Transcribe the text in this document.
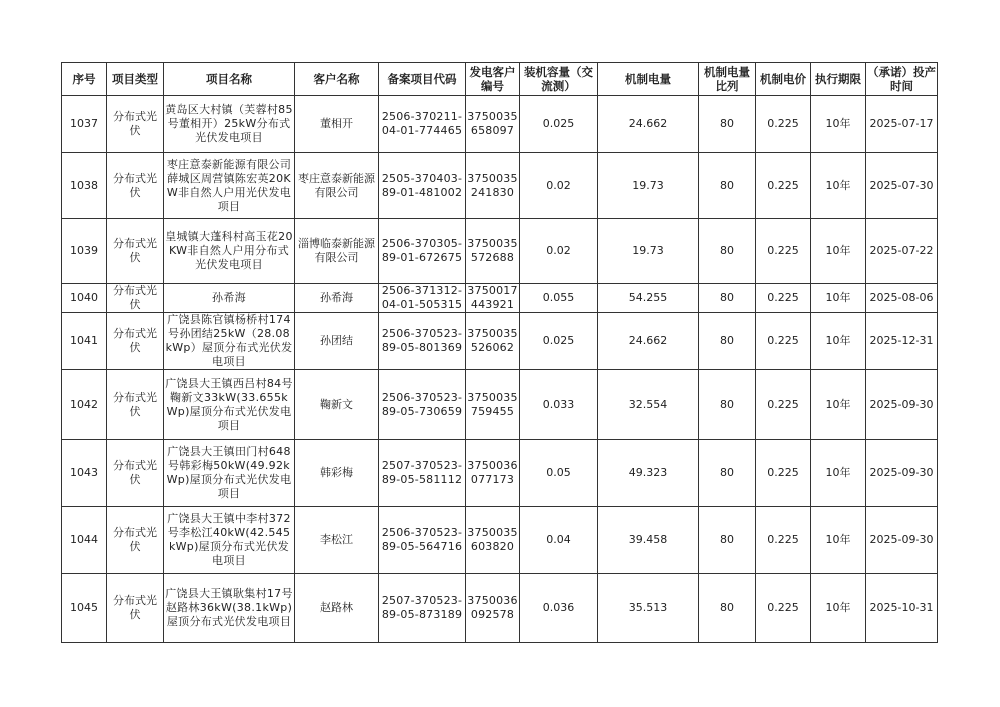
序号	项目类型	项目名称	客户名称	备案项目代码	发电客户编号	装机容量（交流测）	机制电量	机制电量比列	机制电价	执行期限	（承诺）投产时间
1037	分布式光伏	黄岛区大村镇（芙蓉村85号董相开）25kW分布式光伏发电项目	董相开	2506-370211-04-01-774465	3750035658097	0.025	24.662	80	0.225	10年	2025-07-17
1038	分布式光伏	枣庄意泰新能源有限公司薛城区周营镇陈宏英20KW非自然人户用光伏发电项目	枣庄意泰新能源有限公司	2505-370403-89-01-481002	3750035241830	0.02	19.73	80	0.225	10年	2025-07-30
1039	分布式光伏	皇城镇大蓬科村高玉花20KW非自然人户用分布式光伏发电项目	淄博临泰新能源有限公司	2506-370305-89-01-672675	3750035572688	0.02	19.73	80	0.225	10年	2025-07-22
1040	分布式光伏	孙希海	孙希海	2506-371312-04-01-505315	3750017443921	0.055	54.255	80	0.225	10年	2025-08-06
1041	分布式光伏	广饶县陈官镇杨桥村174号孙团结25kW（28.08kWp）屋顶分布式光伏发电项目	孙团结	2506-370523-89-05-801369	3750035526062	0.025	24.662	80	0.225	10年	2025-12-31
1042	分布式光伏	广饶县大王镇西吕村84号鞠新文33kW(33.655kWp)屋顶分布式光伏发电项目	鞠新文	2506-370523-89-05-730659	3750035759455	0.033	32.554	80	0.225	10年	2025-09-30
1043	分布式光伏	广饶县大王镇田门村648号韩彩梅50kW(49.92kWp)屋顶分布式光伏发电项目	韩彩梅	2507-370523-89-05-581112	3750036077173	0.05	49.323	80	0.225	10年	2025-09-30
1044	分布式光伏	广饶县大王镇中李村372号李松江40kW(42.545kWp)屋顶分布式光伏发电项目	李松江	2506-370523-89-05-564716	3750035603820	0.04	39.458	80	0.225	10年	2025-09-30
1045	分布式光伏	广饶县大王镇耿集村17号赵路林36kW(38.1kWp)屋顶分布式光伏发电项目	赵路林	2507-370523-89-05-873189	3750036092578	0.036	35.513	80	0.225	10年	2025-10-31
